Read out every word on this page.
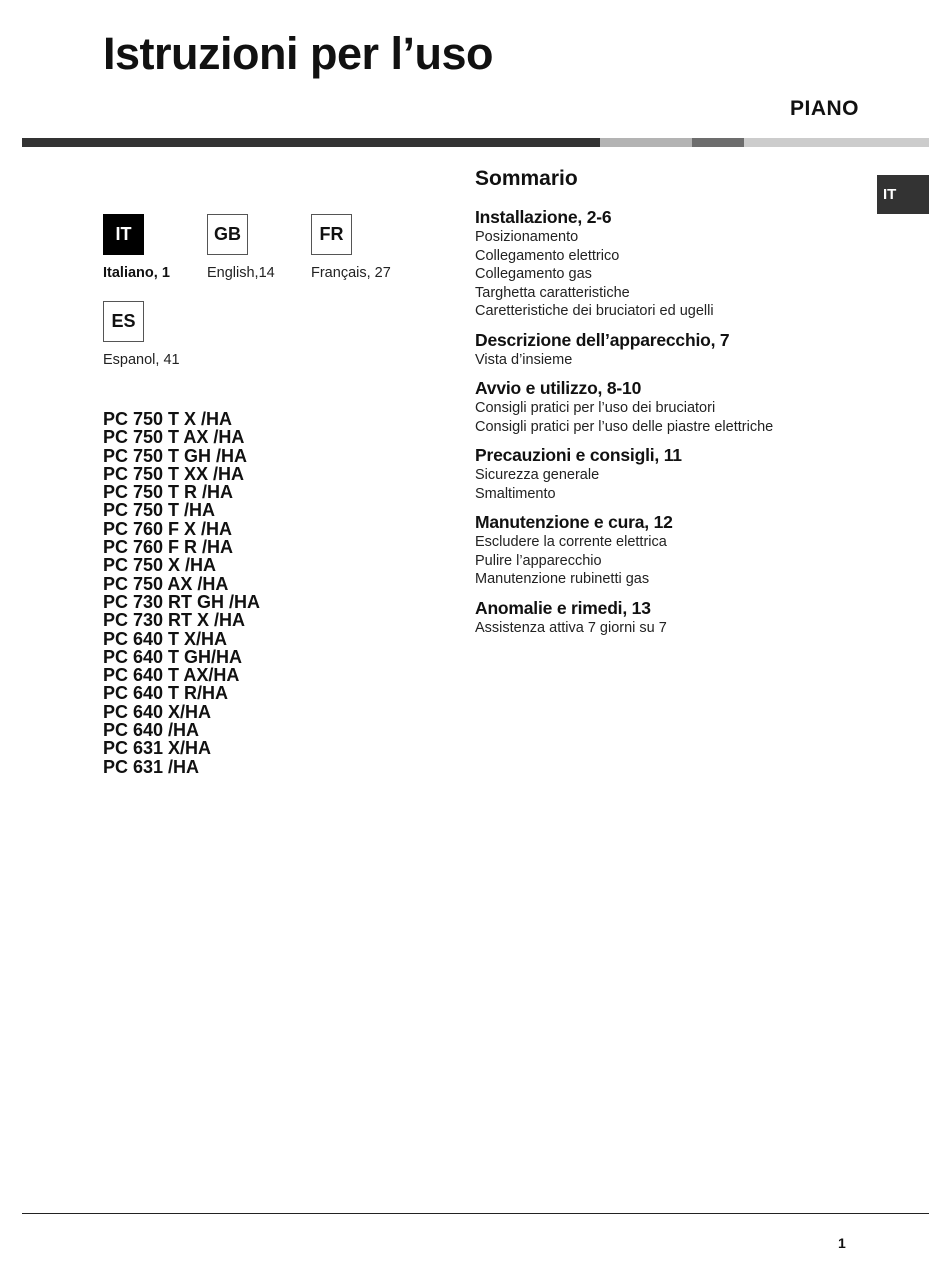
Istruzioni per l’uso
PIANO
IT
Italiano, 1
GB
English,14
FR
Français, 27
ES
Espanol, 41
PC 750 T X /HA
PC 750 T AX /HA
PC 750 T GH /HA
PC 750 T XX /HA
PC 750 T R /HA
PC 750 T /HA
PC 760 F X /HA
PC 760 F R /HA
PC 750 X /HA
PC 750 AX /HA
PC 730 RT GH /HA
PC 730 RT X /HA
PC 640 T X/HA
PC 640 T GH/HA
PC 640 T AX/HA
PC 640 T R/HA
PC 640 X/HA
PC 640 /HA
PC 631 X/HA
PC 631 /HA
Sommario
Installazione, 2-6
Posizionamento
Collegamento elettrico
Collegamento gas
Targhetta caratteristiche
Caretteristiche dei bruciatori ed ugelli
Descrizione dell’apparecchio, 7
Vista d’insieme
Avvio e utilizzo, 8-10
Consigli pratici per l’uso dei bruciatori
Consigli pratici per l’uso delle piastre elettriche
Precauzioni e consigli, 11
Sicurezza generale
Smaltimento
Manutenzione e cura, 12
Escludere la corrente elettrica
Pulire l’apparecchio
Manutenzione rubinetti gas
Anomalie e rimedi, 13
Assistenza attiva 7 giorni su 7
IT
1
